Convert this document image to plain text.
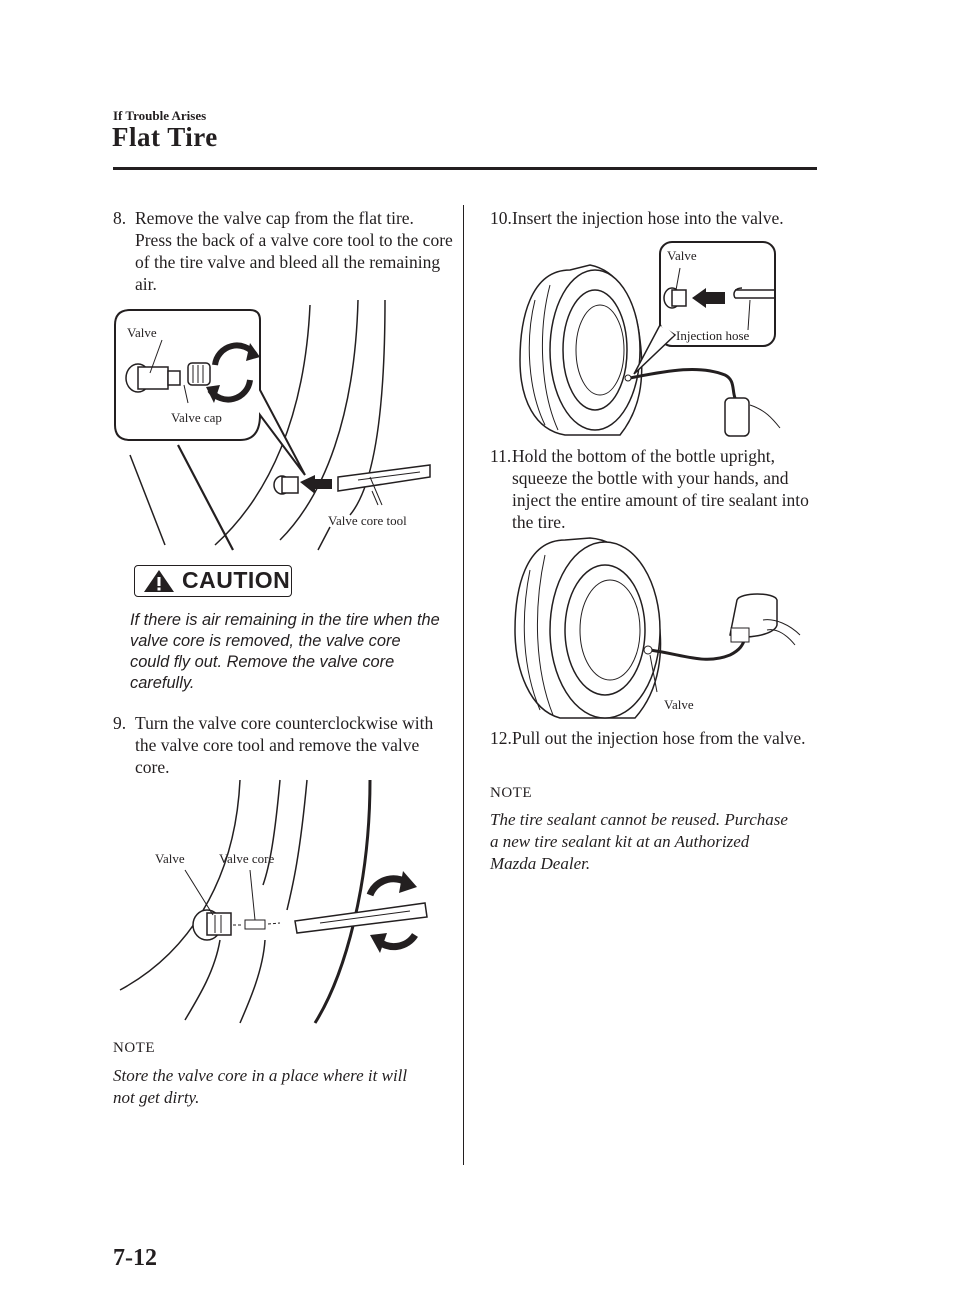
If Trouble Arises
Flat Tire
8. Remove the valve cap from the flat tire. Press the back of a valve core tool to the core of the tire valve and bleed all the remaining air.
Valve
Valve cap
Valve core tool
CAUTION
If there is air remaining in the tire when the valve core is removed, the valve core could fly out. Remove the valve core carefully.
9. Turn the valve core counterclockwise with the valve core tool and remove the valve core.
Valve	Valve core
NOTE
Store the valve core in a place where it will not get dirty.
10. Insert the injection hose into the valve.
Valve
Injection hose
11. Hold the bottom of the bottle upright, squeeze the bottle with your hands, and inject the entire amount of tire sealant into the tire.
Valve
12. Pull out the injection hose from the valve.
NOTE
The tire sealant cannot be reused. Purchase a new tire sealant kit at an Authorized Mazda Dealer.
7-12
